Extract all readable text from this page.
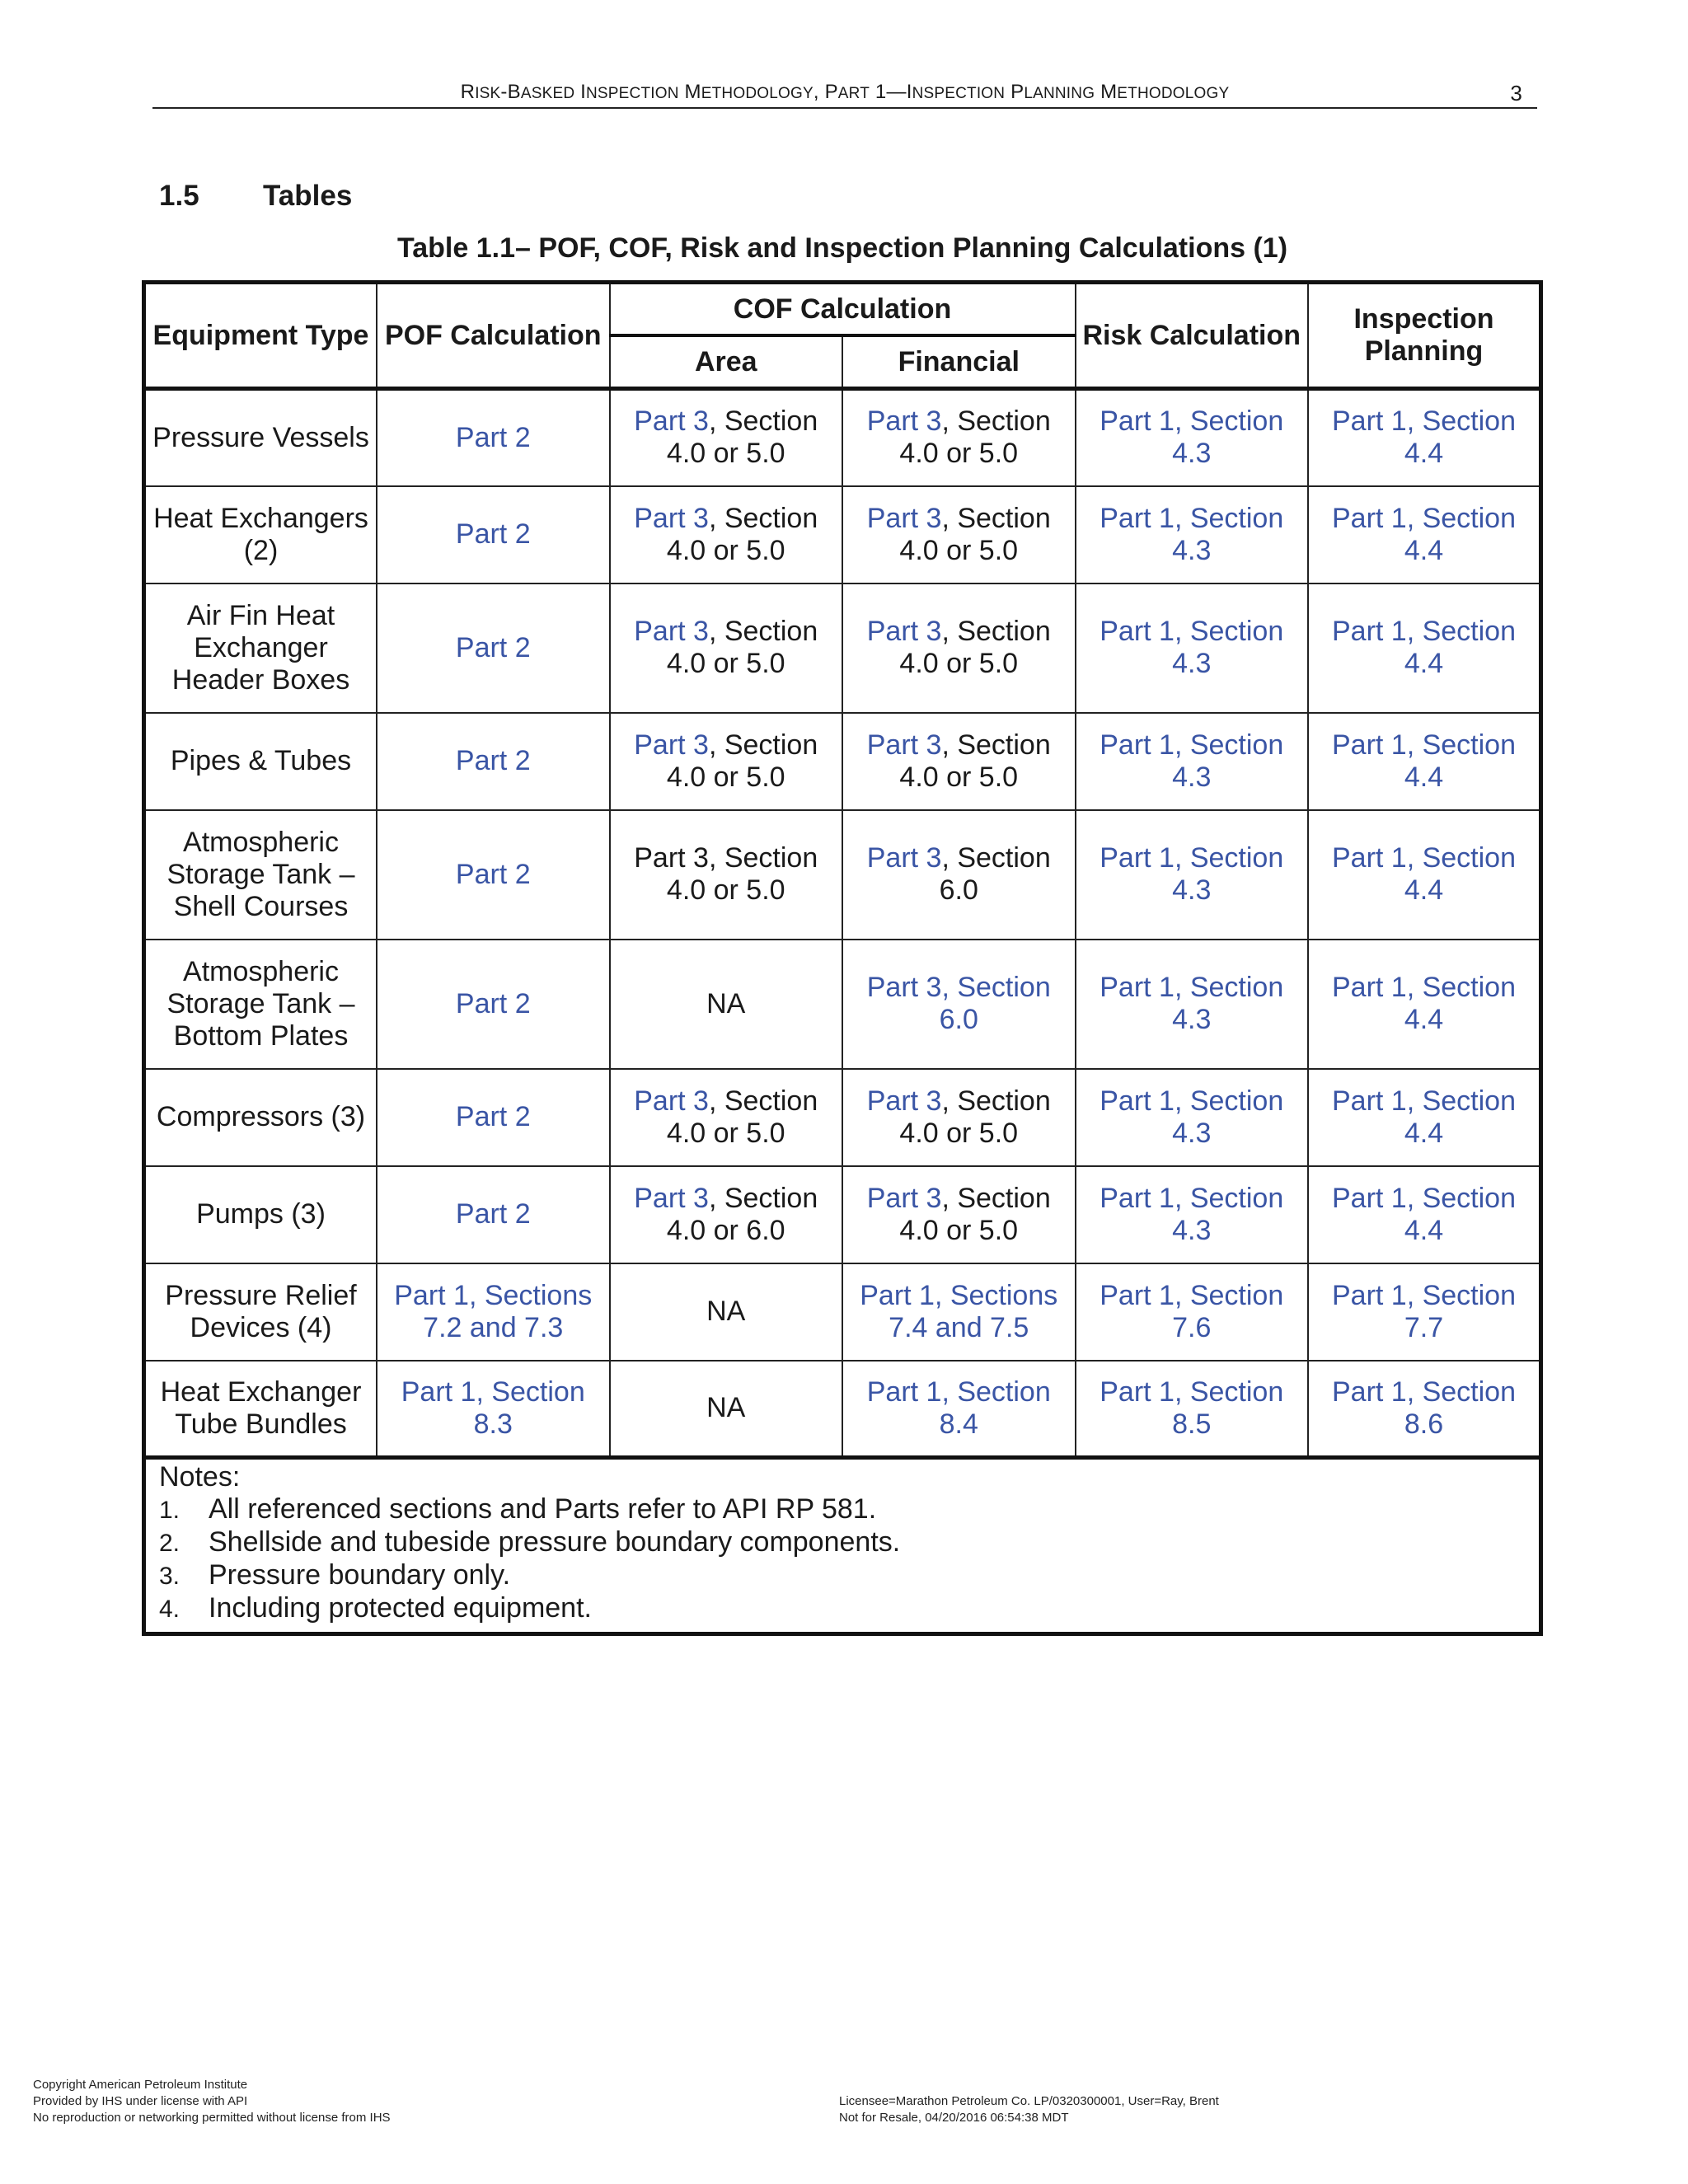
RISK-BASKED INSPECTION METHODOLOGY, PART 1—INSPECTION PLANNING METHODOLOGY	3
1.5 Tables
Table 1.1– POF, COF, Risk and Inspection Planning Calculations (1)
Equipment Type	POF Calculation	COF Calculation		Risk Calculation	Inspection Planning
		Area	Financial		
Pressure Vessels	Part 2	Part 3, Section 4.0 or 5.0	Part 3, Section 4.0 or 5.0	Part 1, Section 4.3	Part 1, Section 4.4
Heat Exchangers (2)	Part 2	Part 3, Section 4.0 or 5.0	Part 3, Section 4.0 or 5.0	Part 1, Section 4.3	Part 1, Section 4.4
Air Fin Heat Exchanger Header Boxes	Part 2	Part 3, Section 4.0 or 5.0	Part 3, Section 4.0 or 5.0	Part 1, Section 4.3	Part 1, Section 4.4
Pipes & Tubes	Part 2	Part 3, Section 4.0 or 5.0	Part 3, Section 4.0 or 5.0	Part 1, Section 4.3	Part 1, Section 4.4
Atmospheric Storage Tank – Shell Courses	Part 2	Part 3, Section 4.0 or 5.0	Part 3, Section 6.0	Part 1, Section 4.3	Part 1, Section 4.4
Atmospheric Storage Tank – Bottom Plates	Part 2	NA	Part 3, Section 6.0	Part 1, Section 4.3	Part 1, Section 4.4
Compressors (3)	Part 2	Part 3, Section 4.0 or 5.0	Part 3, Section 4.0 or 5.0	Part 1, Section 4.3	Part 1, Section 4.4
Pumps (3)	Part 2	Part 3, Section 4.0 or 6.0	Part 3, Section 4.0 or 5.0	Part 1, Section 4.3	Part 1, Section 4.4
Pressure Relief Devices (4)	Part 1, Sections 7.2 and 7.3	NA	Part 1, Sections 7.4 and 7.5	Part 1, Section 7.6	Part 1, Section 7.7
Heat Exchanger Tube Bundles	Part 1, Section 8.3	NA	Part 1, Section 8.4	Part 1, Section 8.5	Part 1, Section 8.6

Notes:
1. All referenced sections and Parts refer to API RP 581.
2. Shellside and tubeside pressure boundary components.
3. Pressure boundary only.
4. Including protected equipment.					
Copyright American Petroleum Institute
Provided by IHS under license with API
No reproduction or networking permitted without license from IHS
Licensee=Marathon Petroleum Co. LP/0320300001, User=Ray, Brent
Not for Resale, 04/20/2016 06:54:38 MDT
